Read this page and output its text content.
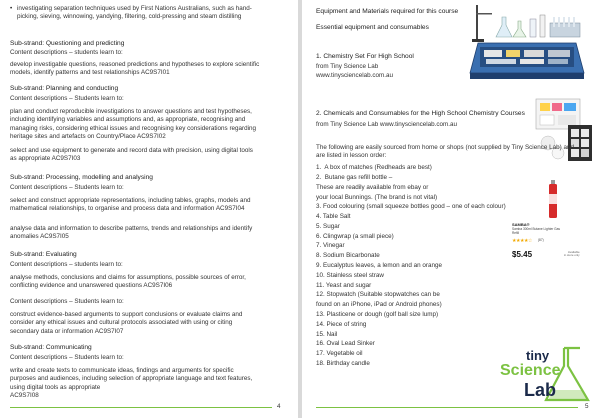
• investigating separation techniques used by First Nations Australians, such as hand-
picking, sieving, winnowing, yandying, filtering, cold-pressing and steam distilling
Sub-strand: Questioning and predicting
Content descriptions – students learn to:
develop investigable questions, reasoned predictions and hypotheses to explore scientific
models, identify patterns and test relationships AC9S7I01
Sub-strand: Planning and conducting
Content descriptions – Students learn to:
plan and conduct reproducible investigations to answer questions and test hypotheses,
including identifying variables and assumptions and, as appropriate, recognising and
managing risks, considering ethical issues and recognising key considerations regarding
heritage sites and artefacts on Country/Place AC9S7I02
select and use equipment to generate and record data with precision, using digital tools
as appropriate AC9S7I03
Sub-strand: Processing, modelling and analysing
Content descriptions – Students learn to:
select and construct appropriate representations, including tables, graphs, models and
mathematical relationships, to organise and process data and information AC9S7I04
analyse data and information to describe patterns, trends and relationships and identify
anomalies AC9S7I05
Sub-strand: Evaluating
Content descriptions – students learn to:
analyse methods, conclusions and claims for assumptions, possible sources of error,
conflicting evidence and unanswered questions AC9S7I06
Content descriptions – Students learn to:
construct evidence-based arguments to support conclusions or evaluate claims and
consider any ethical issues and cultural protocols associated with using or citing
secondary data or information AC9S7I07
Sub-strand: Communicating
Content descriptions – Students learn to:
write and create texts to communicate ideas, findings and arguments for specific
purposes and audiences, including selection of appropriate language and text features,
using digital tools as appropriate
AC9S7I08
4
Equipment and Materials required for this course
Essential equipment and consumables
1. Chemistry Set For High School
from Tiny Science Lab
www.tinysciencelab.com.au
2. Chemicals and Consumables for the High School Chemistry Courses
from Tiny Science Lab www.tinysciencelab.com.au
The following are easily sourced from home or shops (not supplied by Tiny Science Lab) and
are listed in lesson order:
1.  A box of matches (Redheads are best)
2.  Butane gas refill bottle –
These are readily available from ebay or
your local Bunnings. (The brand is not vital)
3. Food colouring (small squeeze bottles good – one of each colour)
4. Table Salt
5. Sugar
6. Clingwrap (a small piece)
7. Vinegar
8. Sodium Bicarbonate
9. Eucalyptus leaves, a lemon and an orange
10. Stainless steel straw
11. Yeast and sugar
12. Stopwatch (Suitable stopwatches can be
found on an iPhone, iPad or Android phones)
13. Plasticene or dough (golf ball size lump)
14. Piece of string
15. Nail
16. Oval Lead Sinker
17. Vegetable oil
18. Birthday candle
SAMBA®
Samba 300ml Butane Lighter Gas
Refill
★★★★☆ (87)
$5.45	Available
in store only
tiny
Science
Lab
5
